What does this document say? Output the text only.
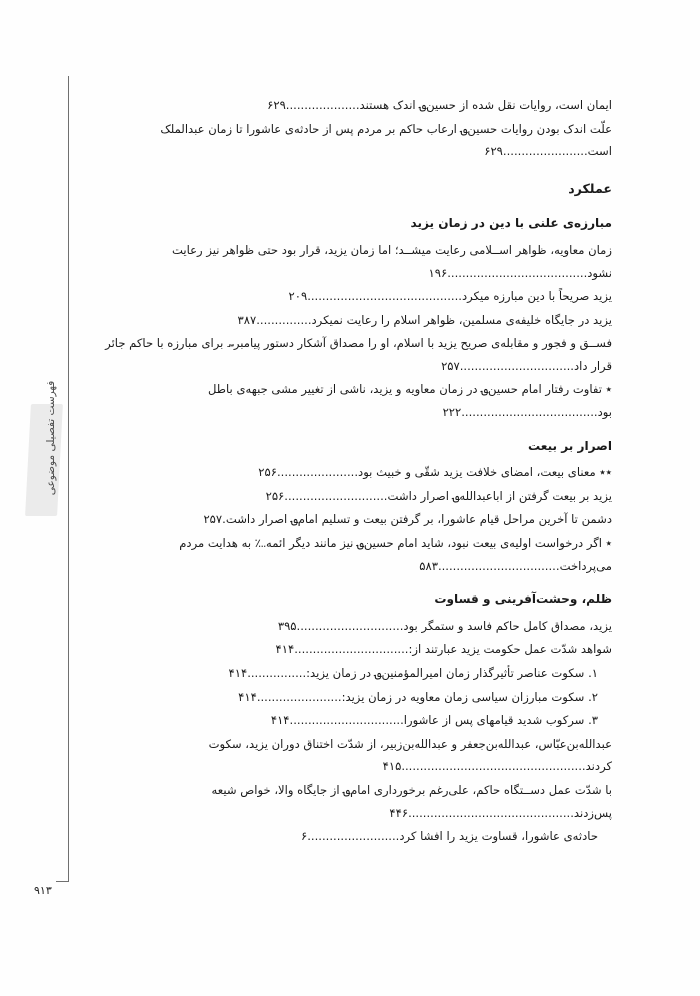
فهرست تفصیلی موضوعی
۹۱۳
ایمان است، روایات نقل شده از حسین؈ اندک هستند....................۶۲۹
علّت اندک بودن روایات حسین؈ ارعاب حاکم بر مردم پس از حادثه‌ی عاشورا تا زمان عبدالملک است.......................۶۲۹
عملکرد
مبارزه‌ی علنی با دین در زمان یزید
زمان معاویه، ظواهر اســلامی رعایت میشــد؛ اما زمان یزید، قرار بود حتی ظواهر نیز رعایت نشود......................................۱۹۶
یزید صریحاً با دین مبارزه میکرد..........................................۲۰۹
یزید در جایگاه خلیفه‌ی مسلمین، ظواهر اسلام را رعایت نمیکرد...............۳۸۷
فســق و فجور و مقابله‌ی صریح یزید با اسلام، او را مصداق آشکار دستور پیامبر؄ برای مبارزه با حاکم جائر قرار داد...............................۲۵۷
٭ تفاوت رفتار امام حسین؈ در زمان معاویه و یزید، ناشی از تغییر مشی جبهه‌ی باطل بود.....................................۲۲۲
اصرار بر بیعت
٭٭ معنای بیعت، امضای خلافت یزید شقّی و خبیث بود......................۲۵۶
یزید بر بیعت گرفتن از اباعبدالله؈ اصرار داشت............................۲۵۶
دشمن تا آخرین مراحل قیام عاشورا، بر گرفتن بیعت و تسلیم امام؈ اصرار داشت.۲۵۷
٭ اگر درخواست اولیه‌ی بیعت نبود، شاید امام حسین؈ نیز مانند دیگر ائمه؊ به هدایت مردم می‌پرداخت.................................۵۸۳
ظلم، وحشت‌آفرینی و قساوت
یزید، مصداق کامل حاکم فاسد و ستمگر بود.............................۳۹۵
شواهد شدّت عمل حکومت یزید عبارتند از:...............................۴۱۴
۱. سکوت عناصر تأثیرگذار زمان امیرالمؤمنین؈ در زمان یزید:................۴۱۴
۲. سکوت مبارزان سیاسی زمان معاویه در زمان یزید:.......................۴۱۴
۳. سرکوب شدید قیامهای پس از عاشورا...............................۴۱۴
عبدالله‌بن‌عبّاس، عبدالله‌بن‌جعفر و عبدالله‌بن‌زبیر، از شدّت اختناق دوران یزید، سکوت کردند..................................................۴۱۵
با شدّت عمل دســتگاه حاکم، علی‌رغم برخورداری امام؈ از جایگاه والا، خواص شیعه پس‌زدند.............................................۴۴۶
حادثه‌ی عاشورا، قساوت یزید را افشا کرد.........................۶
